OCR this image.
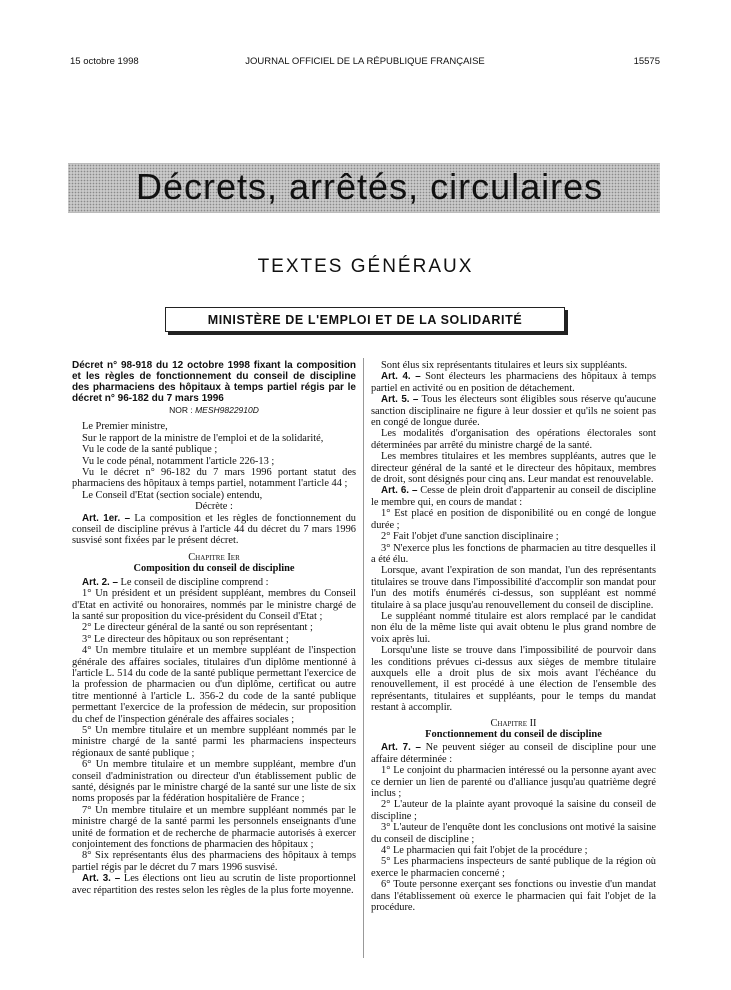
15 octobre 1998	JOURNAL OFFICIEL DE LA RÉPUBLIQUE FRANÇAISE	15575
Décrets, arrêtés, circulaires
TEXTES GÉNÉRAUX
MINISTÈRE DE L'EMPLOI ET DE LA SOLIDARITÉ
Décret n° 98-918 du 12 octobre 1998 fixant la composition et les règles de fonctionnement du conseil de discipline des pharmaciens des hôpitaux à temps partiel régis par le décret n° 96-182 du 7 mars 1996
NOR : MESH9822910D

Le Premier ministre,

Sur le rapport de la ministre de l'emploi et de la solidarité,

Vu le code de la santé publique ;

Vu le code pénal, notamment l'article 226-13 ;

Vu le décret n° 96-182 du 7 mars 1996 portant statut des pharmaciens des hôpitaux à temps partiel, notamment l'article 44 ;

Le Conseil d'Etat (section sociale) entendu,

Décrète :

Art. 1er. – La composition et les règles de fonctionnement du conseil de discipline prévus à l'article 44 du décret du 7 mars 1996 susvisé sont fixées par le présent décret.

Chapitre Ier
Composition du conseil de discipline

Art. 2. – Le conseil de discipline comprend :

1° Un président et un président suppléant, membres du Conseil d'Etat en activité ou honoraires, nommés par le ministre chargé de la santé sur proposition du vice-président du Conseil d'Etat ;

2° Le directeur général de la santé ou son représentant ;

3° Le directeur des hôpitaux ou son représentant ;

4° Un membre titulaire et un membre suppléant de l'inspection générale des affaires sociales, titulaires d'un diplôme mentionné à l'article L. 514 du code de la santé publique permettant l'exercice de la profession de pharmacien ou d'un diplôme, certificat ou autre titre mentionné à l'article L. 356-2 du code de la santé publique permettant l'exercice de la profession de médecin, sur proposition du chef de l'inspection générale des affaires sociales ;

5° Un membre titulaire et un membre suppléant nommés par le ministre chargé de la santé parmi les pharmaciens inspecteurs régionaux de santé publique ;

6° Un membre titulaire et un membre suppléant, membre d'un conseil d'administration ou directeur d'un établissement public de santé, désignés par le ministre chargé de la santé sur une liste de six noms proposés par la fédération hospitalière de France ;

7° Un membre titulaire et un membre suppléant nommés par le ministre chargé de la santé parmi les personnels enseignants d'une unité de formation et de recherche de pharmacie autorisés à exercer conjointement des fonctions de pharmacien des hôpitaux ;

8° Six représentants élus des pharmaciens des hôpitaux à temps partiel régis par le décret du 7 mars 1996 susvisé.

Art. 3. – Les élections ont lieu au scrutin de liste proportionnel avec répartition des restes selon les règles de la plus forte moyenne.

Sont élus six représentants titulaires et leurs six suppléants.

Art. 4. – Sont électeurs les pharmaciens des hôpitaux à temps partiel en activité ou en position de détachement.

Art. 5. – Tous les électeurs sont éligibles sous réserve qu'aucune sanction disciplinaire ne figure à leur dossier et qu'ils ne soient pas en congé de longue durée.

Les modalités d'organisation des opérations électorales sont déterminées par arrêté du ministre chargé de la santé.

Les membres titulaires et les membres suppléants, autres que le directeur général de la santé et le directeur des hôpitaux, membres de droit, sont désignés pour cinq ans. Leur mandat est renouvelable.

Art. 6. – Cesse de plein droit d'appartenir au conseil de discipline le membre qui, en cours de mandat :

1° Est placé en position de disponibilité ou en congé de longue durée ;

2° Fait l'objet d'une sanction disciplinaire ;

3° N'exerce plus les fonctions de pharmacien au titre desquelles il a été élu.

Lorsque, avant l'expiration de son mandat, l'un des représentants titulaires se trouve dans l'impossibilité d'accomplir son mandat pour l'un des motifs énumérés ci-dessus, son suppléant est nommé titulaire à sa place jusqu'au renouvellement du conseil de discipline.

Le suppléant nommé titulaire est alors remplacé par le candidat non élu de la même liste qui avait obtenu le plus grand nombre de voix après lui.

Lorsqu'une liste se trouve dans l'impossibilité de pourvoir dans les conditions prévues ci-dessus aux sièges de membre titulaire auxquels elle a droit plus de six mois avant l'échéance du renouvellement, il est procédé à une élection de l'ensemble des représentants, titulaires et suppléants, pour le temps du mandat restant à accomplir.

Chapitre II
Fonctionnement du conseil de discipline

Art. 7. – Ne peuvent siéger au conseil de discipline pour une affaire déterminée :

1° Le conjoint du pharmacien intéressé ou la personne ayant avec ce dernier un lien de parenté ou d'alliance jusqu'au quatrième degré inclus ;

2° L'auteur de la plainte ayant provoqué la saisine du conseil de discipline ;

3° L'auteur de l'enquête dont les conclusions ont motivé la saisine du conseil de discipline ;

4° Le pharmacien qui fait l'objet de la procédure ;

5° Les pharmaciens inspecteurs de santé publique de la région où exerce le pharmacien concerné ;

6° Toute personne exerçant ses fonctions ou investie d'un mandat dans l'établissement où exerce le pharmacien qui fait l'objet de la procédure.
